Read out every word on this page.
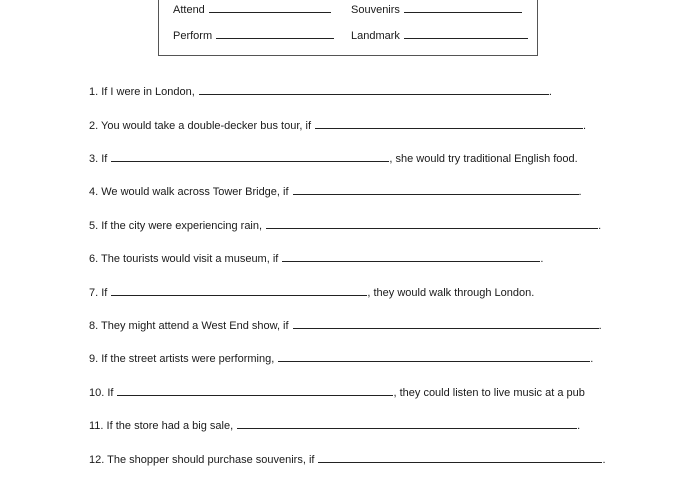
Attend	Souvenirs
Perform	Landmark
1. If I were in London,	.
2. You would take a double-decker bus tour, if	.
3. If	, she would try traditional English food.
4. We would walk across Tower Bridge, if	.
5. If the city were experiencing rain,	.
6. The tourists would visit a museum, if	.
7. If	, they would walk through London.
8. They might attend a West End show, if	.
9. If the street artists were performing,	.
10. If	, they could listen to live music at a pub
11. If the store had a big sale,	.
12. The shopper should purchase souvenirs, if	.
